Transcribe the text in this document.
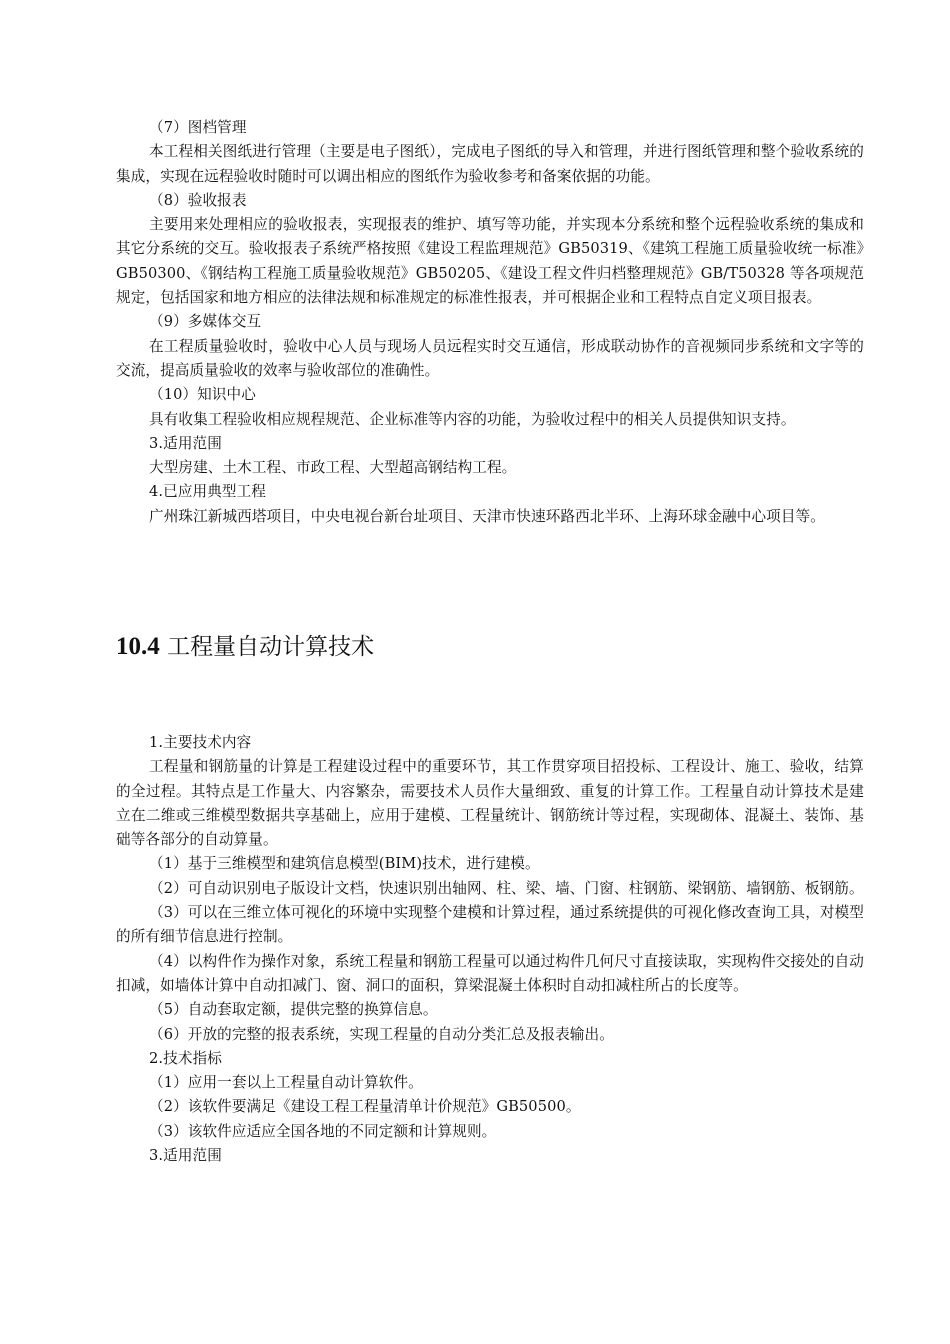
（7）图档管理

本工程相关图纸进行管理（主要是电子图纸），完成电子图纸的导入和管理，并进行图纸管理和整个验收系统的集成，实现在远程验收时随时可以调出相应的图纸作为验收参考和备案依据的功能。

（8）验收报表

主要用来处理相应的验收报表，实现报表的维护、填写等功能，并实现本分系统和整个远程验收系统的集成和其它分系统的交互。验收报表子系统严格按照《建设工程监理规范》GB50319、《建筑工程施工质量验收统一标准》GB50300、《钢结构工程施工质量验收规范》GB50205、《建设工程文件归档整理规范》GB/T50328 等各项规范规定，包括国家和地方相应的法律法规和标准规定的标准性报表，并可根据企业和工程特点自定义项目报表。

（9）多媒体交互

在工程质量验收时，验收中心人员与现场人员远程实时交互通信，形成联动协作的音视频同步系统和文字等的交流，提高质量验收的效率与验收部位的准确性。

（10）知识中心

具有收集工程验收相应规程规范、企业标准等内容的功能，为验收过程中的相关人员提供知识支持。

3.适用范围

大型房建、土木工程、市政工程、大型超高钢结构工程。

4.已应用典型工程

广州珠江新城西塔项目，中央电视台新台址项目、天津市快速环路西北半环、上海环球金融中心项目等。

10.4 工程量自动计算技术

1.主要技术内容

工程量和钢筋量的计算是工程建设过程中的重要环节，其工作贯穿项目招投标、工程设计、施工、验收，结算的全过程。其特点是工作量大、内容繁杂，需要技术人员作大量细致、重复的计算工作。工程量自动计算技术是建立在二维或三维模型数据共享基础上，应用于建模、工程量统计、钢筋统计等过程，实现砌体、混凝土、装饰、基础等各部分的自动算量。

（1）基于三维模型和建筑信息模型(BIM)技术，进行建模。

（2）可自动识别电子版设计文档，快速识别出轴网、柱、梁、墙、门窗、柱钢筋、梁钢筋、墙钢筋、板钢筋。

（3）可以在三维立体可视化的环境中实现整个建模和计算过程，通过系统提供的可视化修改查询工具，对模型的所有细节信息进行控制。

（4）以构件作为操作对象，系统工程量和钢筋工程量可以通过构件几何尺寸直接读取，实现构件交接处的自动扣减，如墙体计算中自动扣减门、窗、洞口的面积，算梁混凝土体积时自动扣减柱所占的长度等。

（5）自动套取定额，提供完整的换算信息。

（6）开放的完整的报表系统，实现工程量的自动分类汇总及报表输出。

2.技术指标

（1）应用一套以上工程量自动计算软件。

（2）该软件要满足《建设工程工程量清单计价规范》GB50500。

（3）该软件应适应全国各地的不同定额和计算规则。

3.适用范围
